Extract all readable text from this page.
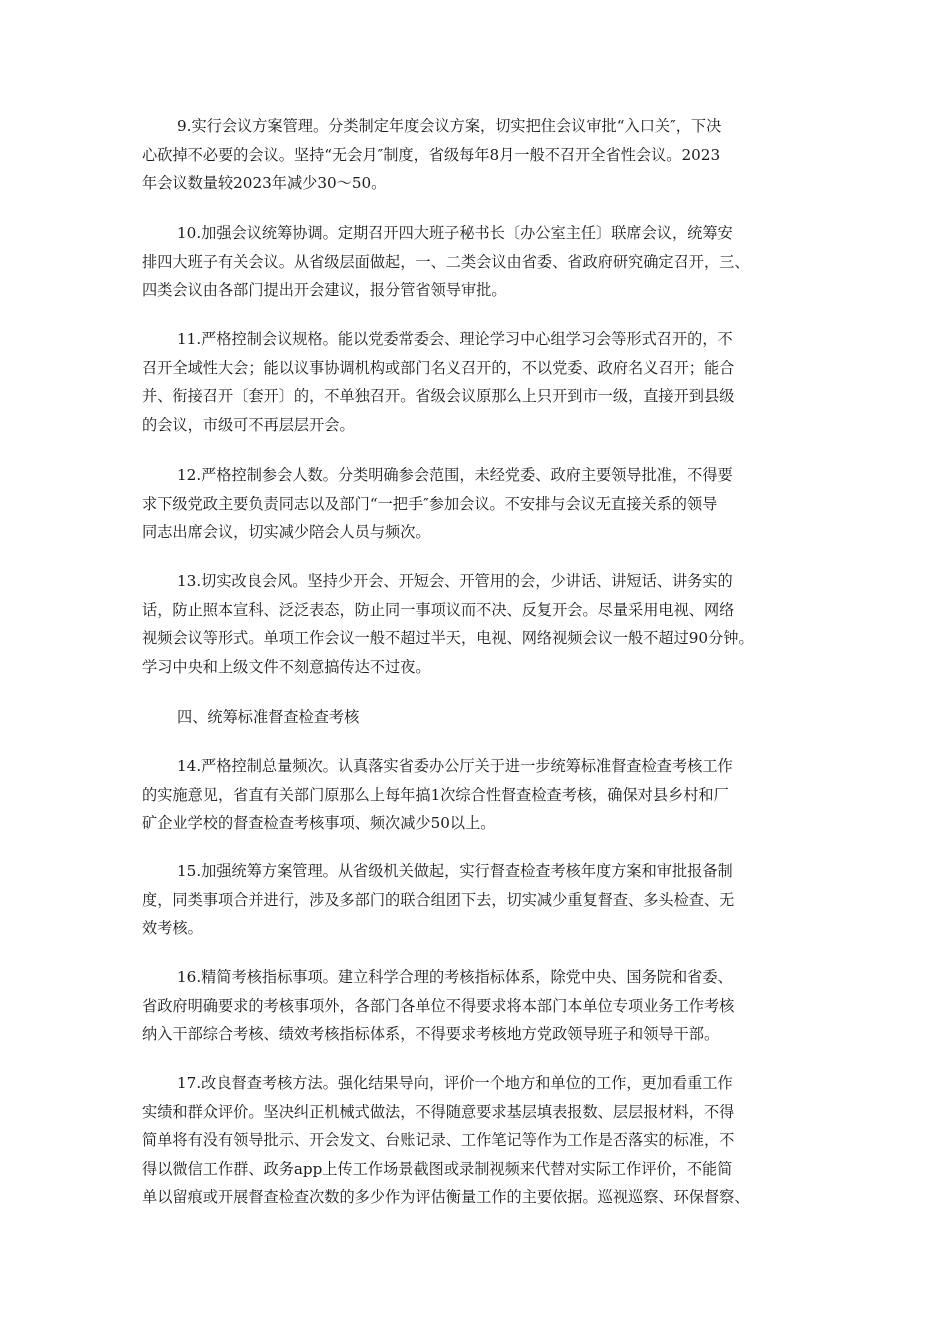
9.实行会议方案管理。分类制定年度会议方案，切实把住会议审批“入口关″，下决
心砍掉不必要的会议。坚持“无会月″制度，省级每年8月一般不召开全省性会议。2023
年会议数量较2023年减少30～50。
10.加强会议统筹协调。定期召开四大班子秘书长〔办公室主任〕联席会议，统筹安
排四大班子有关会议。从省级层面做起，一、二类会议由省委、省政府研究确定召开，三、
四类会议由各部门提出开会建议，报分管省领导审批。
11.严格控制会议规格。能以党委常委会、理论学习中心组学习会等形式召开的，不
召开全域性大会；能以议事协调机构或部门名义召开的，不以党委、政府名义召开；能合
并、衔接召开〔套开〕的，不单独召开。省级会议原那么上只开到市一级，直接开到县级
的会议，市级可不再层层开会。
12.严格控制参会人数。分类明确参会范围，未经党委、政府主要领导批准，不得要
求下级党政主要负责同志以及部门“一把手″参加会议。不安排与会议无直接关系的领导
同志出席会议，切实减少陪会人员与频次。
13.切实改良会风。坚持少开会、开短会、开管用的会，少讲话、讲短话、讲务实的
话，防止照本宣科、泛泛表态，防止同一事项议而不决、反复开会。尽量采用电视、网络
视频会议等形式。单项工作会议一般不超过半天，电视、网络视频会议一般不超过90分钟。
学习中央和上级文件不刻意搞传达不过夜。
四、统筹标准督查检查考核
14.严格控制总量频次。认真落实省委办公厅关于进一步统筹标准督查检查考核工作
的实施意见，省直有关部门原那么上每年搞1次综合性督查检查考核，确保对县乡村和厂
矿企业学校的督查检查考核事项、频次减少50以上。
15.加强统筹方案管理。从省级机关做起，实行督查检查考核年度方案和审批报备制
度，同类事项合并进行，涉及多部门的联合组团下去，切实减少重复督查、多头检查、无
效考核。
16.精简考核指标事项。建立科学合理的考核指标体系，除党中央、国务院和省委、
省政府明确要求的考核事项外，各部门各单位不得要求将本部门本单位专项业务工作考核
纳入干部综合考核、绩效考核指标体系，不得要求考核地方党政领导班子和领导干部。
17.改良督查考核方法。强化结果导向，评价一个地方和单位的工作，更加看重工作
实绩和群众评价。坚决纠正机械式做法，不得随意要求基层填表报数、层层报材料，不得
简单将有没有领导批示、开会发文、台账记录、工作笔记等作为工作是否落实的标准，不
得以微信工作群、政务app上传工作场景截图或录制视频来代替对实际工作评价，不能简
单以留痕或开展督查检查次数的多少作为评估衡量工作的主要依据。巡视巡察、环保督察、
